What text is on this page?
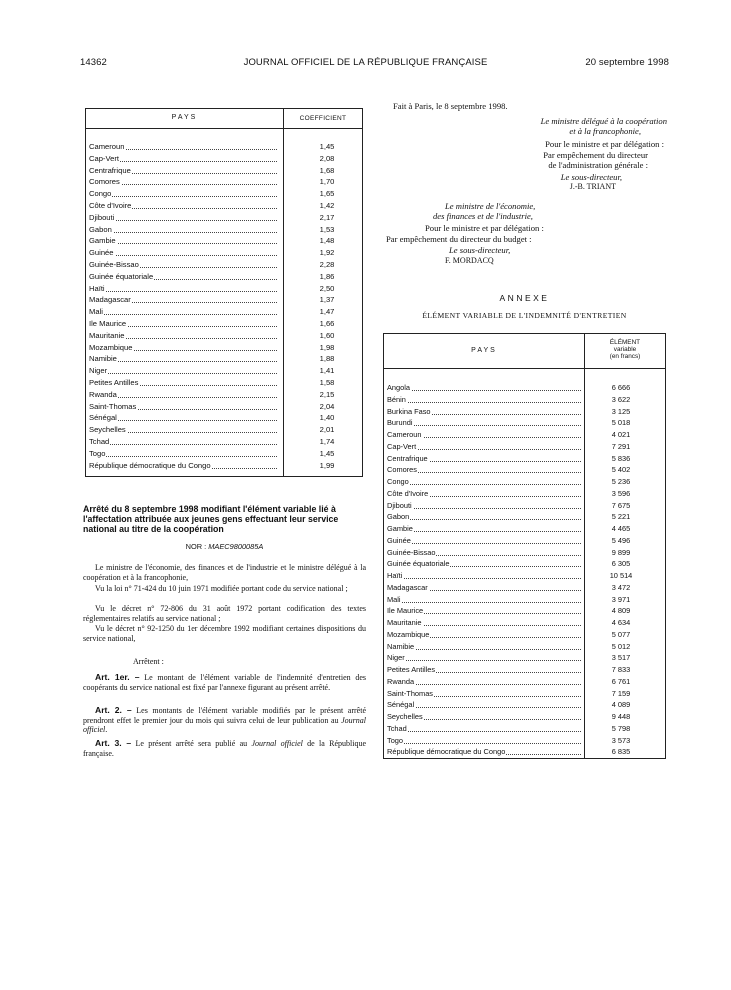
14362	JOURNAL OFFICIEL DE LA RÉPUBLIQUE FRANÇAISE	20 septembre 1998
PAYS	COEFFICIENT
Cameroun	1,45
Cap-Vert	2,08
Centrafrique	1,68
Comores	1,70
Congo	1,65
Côte d'Ivoire	1,42
Djibouti	2,17
Gabon	1,53
Gambie	1,48
Guinée	1,92
Guinée-Bissao	2,28
Guinée équatoriale	1,86
Haïti	2,50
Madagascar	1,37
Mali	1,47
Ile Maurice	1,66
Mauritanie	1,60
Mozambique	1,98
Namibie	1,88
Niger	1,41
Petites Antilles	1,58
Rwanda	2,15
Saint-Thomas	2,04
Sénégal	1,40
Seychelles	2,01
Tchad	1,74
Togo	1,45
République démocratique du Congo	1,99
Arrêté du 8 septembre 1998 modifiant l'élément variable lié à l'affectation attribuée aux jeunes gens effectuant leur service national au titre de la coopération
NOR : MAEC9800085A
Le ministre de l'économie, des finances et de l'industrie et le ministre délégué à la coopération et à la francophonie,
Vu la loi n° 71-424 du 10 juin 1971 modifiée portant code du service national ;
Vu le décret n° 72-806 du 31 août 1972 portant codification des textes réglementaires relatifs au service national ;
Vu le décret n° 92-1250 du 1er décembre 1992 modifiant certaines dispositions du service national,
Arrêtent :
Art. 1er. – Le montant de l'élément variable de l'indemnité d'entretien des coopérants du service national est fixé par l'annexe figurant au présent arrêté.
Art. 2. – Les montants de l'élément variable modifiés par le présent arrêté prendront effet le premier jour du mois qui suivra celui de leur publication au Journal officiel.
Art. 3. – Le présent arrêté sera publié au Journal officiel de la République française.
Fait à Paris, le 8 septembre 1998.
Le ministre délégué à la coopération
et à la francophonie,
Pour le ministre et par délégation :
Par empêchement du directeur
de l'administration générale :
Le sous-directeur,
J.-B. TRIANT
Le ministre de l'économie,
des finances et de l'industrie,
Pour le ministre et par délégation :
Par empêchement du directeur du budget :
Le sous-directeur,
F. MORDACQ
ANNEXE
ÉLÉMENT VARIABLE DE L'INDEMNITÉ D'ENTRETIEN
PAYS
ÉLÉMENT
variable
(en francs)
Angola	6 666
Bénin	3 622
Burkina Faso	3 125
Burundi	5 018
Cameroun	4 021
Cap-Vert	7 291
Centrafrique	5 836
Comores	5 402
Congo	5 236
Côte d'Ivoire	3 596
Djibouti	7 675
Gabon	5 221
Gambie	4 465
Guinée	5 496
Guinée-Bissao	9 899
Guinée équatoriale	6 305
Haïti	10 514
Madagascar	3 472
Mali	3 971
Ile Maurice	4 809
Mauritanie	4 634
Mozambique	5 077
Namibie	5 012
Niger	3 517
Petites Antilles	7 833
Rwanda	6 761
Saint-Thomas	7 159
Sénégal	4 089
Seychelles	9 448
Tchad	5 798
Togo	3 573
République démocratique du Congo	6 835
